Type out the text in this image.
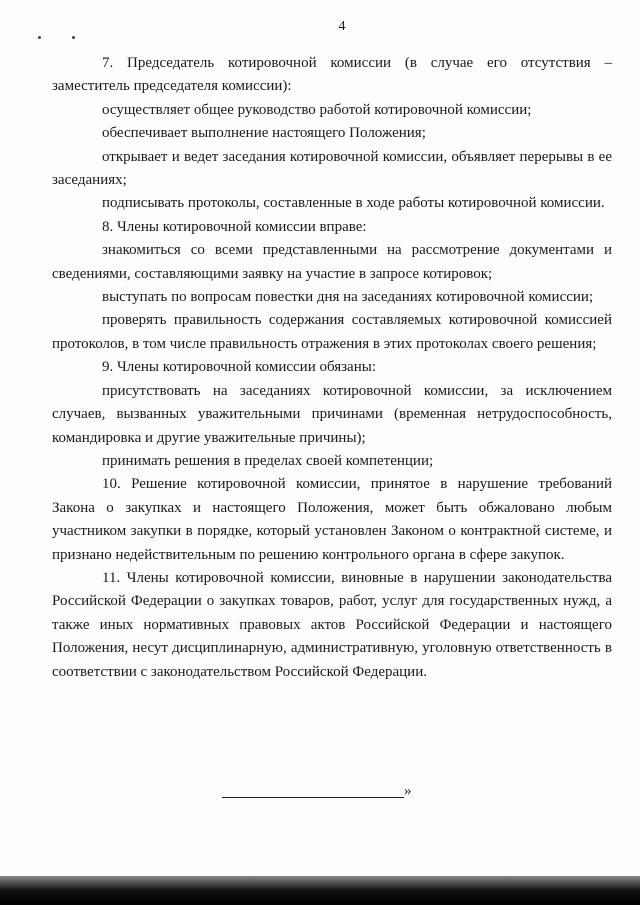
4

7. Председатель котировочной комиссии (в случае его отсутствия – заместитель председателя комиссии):

осуществляет общее руководство работой котировочной комиссии;

обеспечивает выполнение настоящего Положения;

открывает и ведет заседания котировочной комиссии, объявляет перерывы в ее заседаниях;

подписывать протоколы, составленные в ходе работы котировочной комиссии.

8. Члены котировочной комиссии вправе:

знакомиться со всеми представленными на рассмотрение документами и сведениями, составляющими заявку на участие в запросе котировок;

выступать по вопросам повестки дня на заседаниях котировочной комиссии;

проверять правильность содержания составляемых котировочной комиссией протоколов, в том числе правильность отражения в этих протоколах своего решения;

9. Члены котировочной комиссии обязаны:

присутствовать на заседаниях котировочной комиссии, за исключением случаев, вызванных уважительными причинами (временная нетрудоспособность, командировка и другие уважительные причины);

принимать решения в пределах своей компетенции;

10. Решение котировочной комиссии, принятое в нарушение требований Закона о закупках и настоящего Положения, может быть обжаловано любым участником закупки в порядке, который установлен Законом о контрактной системе, и признано недействительным по решению контрольного органа в сфере закупок.

11. Члены котировочной комиссии, виновные в нарушении законодательства Российской Федерации о закупках товаров, работ, услуг для государственных нужд, а также иных нормативных правовых актов Российской Федерации и настоящего Положения, несут дисциплинарную, административную, уголовную ответственность в соответствии с законодательством Российской Федерации.

»
